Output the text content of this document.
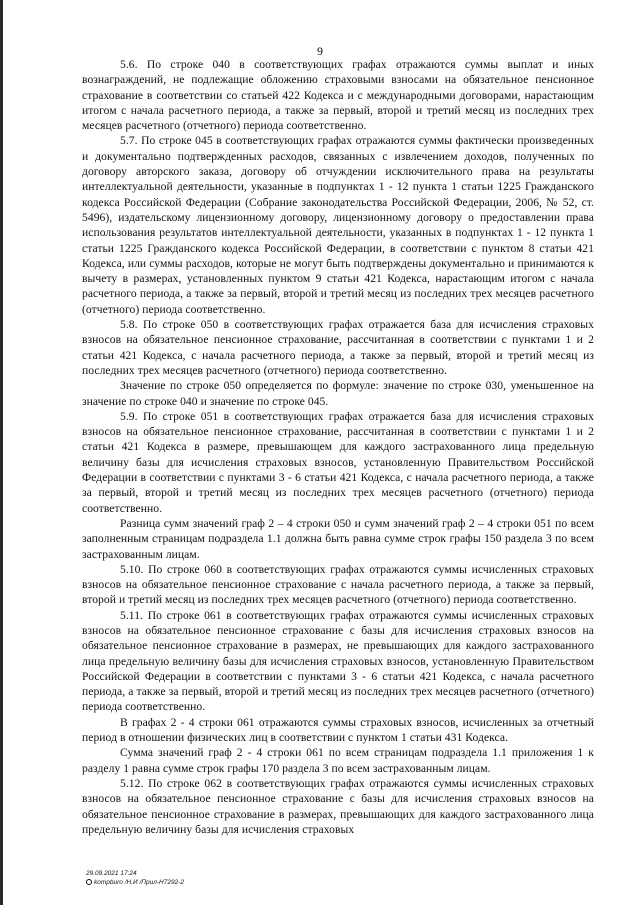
9

5.6. По строке 040 в соответствующих графах отражаются суммы выплат и иных вознаграждений, не подлежащие обложению страховыми взносами на обязательное пенсионное страхование в соответствии со статьей 422 Кодекса и с международными договорами, нарастающим итогом с начала расчетного периода, а также за первый, второй и третий месяц из последних трех месяцев расчетного (отчетного) периода соответственно.

5.7. По строке 045 в соответствующих графах отражаются суммы фактически произведенных и документально подтвержденных расходов, связанных с извлечением доходов, полученных по договору авторского заказа, договору об отчуждении исключительного права на результаты интеллектуальной деятельности, указанные в подпунктах 1 - 12 пункта 1 статьи 1225 Гражданского кодекса Российской Федерации (Собрание законодательства Российской Федерации, 2006, № 52, ст. 5496), издательскому лицензионному договору, лицензионному договору о предоставлении права использования результатов интеллектуальной деятельности, указанных в подпунктах 1 - 12 пункта 1 статьи 1225 Гражданского кодекса Российской Федерации, в соответствии с пунктом 8 статьи 421 Кодекса, или суммы расходов, которые не могут быть подтверждены документально и принимаются к вычету в размерах, установленных пунктом 9 статьи 421 Кодекса, нарастающим итогом с начала расчетного периода, а также за первый, второй и третий месяц из последних трех месяцев расчетного (отчетного) периода соответственно.

5.8. По строке 050 в соответствующих графах отражается база для исчисления страховых взносов на обязательное пенсионное страхование, рассчитанная в соответствии с пунктами 1 и 2 статьи 421 Кодекса, с начала расчетного периода, а также за первый, второй и третий месяц из последних трех месяцев расчетного (отчетного) периода соответственно.

Значение по строке 050 определяется по формуле: значение по строке 030, уменьшенное на значение по строке 040 и значение по строке 045.

5.9. По строке 051 в соответствующих графах отражается база для исчисления страховых взносов на обязательное пенсионное страхование, рассчитанная в соответствии с пунктами 1 и 2 статьи 421 Кодекса в размере, превышающем для каждого застрахованного лица предельную величину базы для исчисления страховых взносов, установленную Правительством Российской Федерации в соответствии с пунктами 3 - 6 статьи 421 Кодекса, с начала расчетного периода, а также за первый, второй и третий месяц из последних трех месяцев расчетного (отчетного) периода соответственно.

Разница сумм значений граф 2 – 4 строки 050 и сумм значений граф 2 – 4 строки 051 по всем заполненным страницам подраздела 1.1 должна быть равна сумме строк графы 150 раздела 3 по всем застрахованным лицам.

5.10. По строке 060 в соответствующих графах отражаются суммы исчисленных страховых взносов на обязательное пенсионное страхование с начала расчетного периода, а также за первый, второй и третий месяц из последних трех месяцев расчетного (отчетного) периода соответственно.

5.11. По строке 061 в соответствующих графах отражаются суммы исчисленных страховых взносов на обязательное пенсионное страхование с базы для исчисления страховых взносов на обязательное пенсионное страхование в размерах, не превышающих для каждого застрахованного лица предельную величину базы для исчисления страховых взносов, установленную Правительством Российской Федерации в соответствии с пунктами 3 - 6 статьи 421 Кодекса, с начала расчетного периода, а также за первый, второй и третий месяц из последних трех месяцев расчетного (отчетного) периода соответственно.

В графах 2 - 4 строки 061 отражаются суммы страховых взносов, исчисленных за отчетный период в отношении физических лиц в соответствии с пунктом 1 статьи 431 Кодекса.

Сумма значений граф 2 - 4 строки 061 по всем страницам подраздела 1.1 приложения 1 к разделу 1 равна сумме строк графы 170 раздела 3 по всем застрахованным лицам.

5.12. По строке 062 в соответствующих графах отражаются суммы исчисленных страховых взносов на обязательное пенсионное страхование с базы для исчисления страховых взносов на обязательное пенсионное страхование в размерах, превышающих для каждого застрахованного лица предельную величину базы для исчисления страховых

29.09.2021 17:24
kompburo /Н.И /Прил-Н7292-2
